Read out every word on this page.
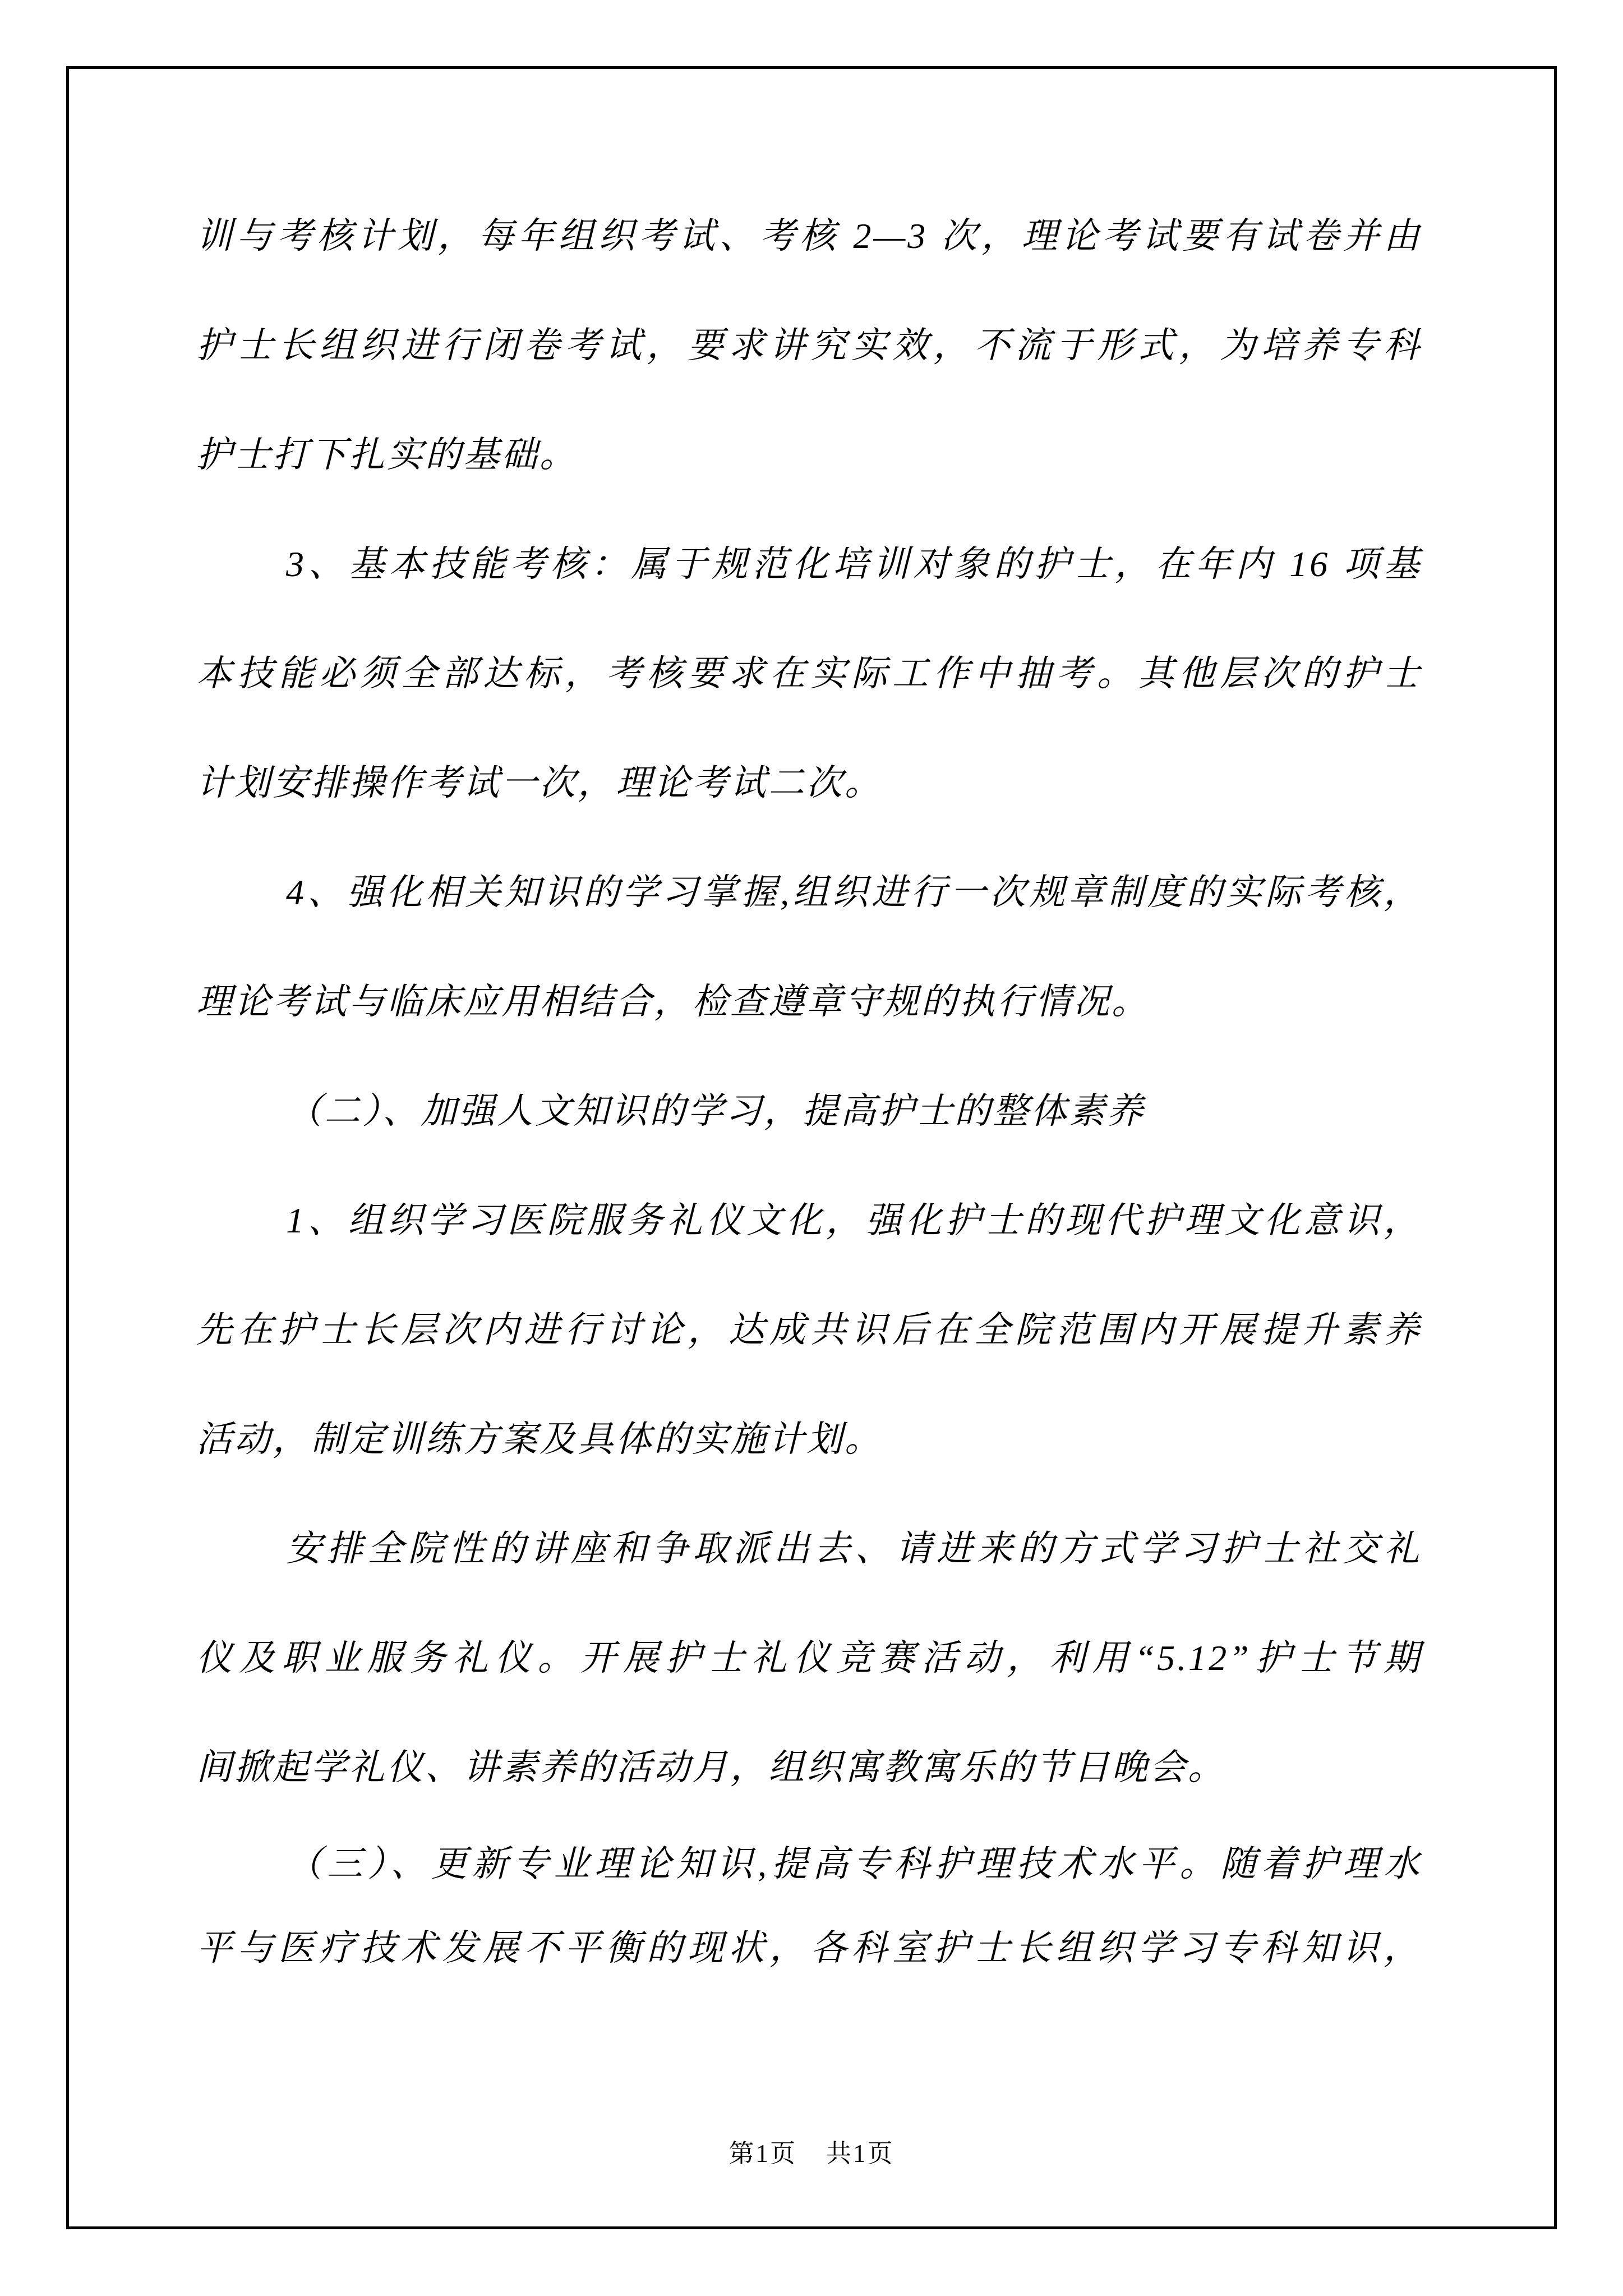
训与考核计划，每年组织考试、考核 2—3 次，理论考试要有试卷并由
护士长组织进行闭卷考试，要求讲究实效，不流于形式，为培养专科
护士打下扎实的基础。
3、基本技能考核：属于规范化培训对象的护士，在年内 16 项基
本技能必须全部达标，考核要求在实际工作中抽考。其他层次的护士
计划安排操作考试一次，理论考试二次。
4、强化相关知识的学习掌握,组织进行一次规章制度的实际考核，
理论考试与临床应用相结合，检查遵章守规的执行情况。
（二）、加强人文知识的学习，提高护士的整体素养
1、组织学习医院服务礼仪文化，强化护士的现代护理文化意识，
先在护士长层次内进行讨论，达成共识后在全院范围内开展提升素养
活动，制定训练方案及具体的实施计划。
安排全院性的讲座和争取派出去、请进来的方式学习护士社交礼
仪及职业服务礼仪。开展护士礼仪竞赛活动，利用“5.12”护士节期
间掀起学礼仪、讲素养的活动月，组织寓教寓乐的节日晚会。
（三）、更新专业理论知识,提高专科护理技术水平。随着护理水
平与医疗技术发展不平衡的现状，各科室护士长组织学习专科知识，
第1页 共1页
